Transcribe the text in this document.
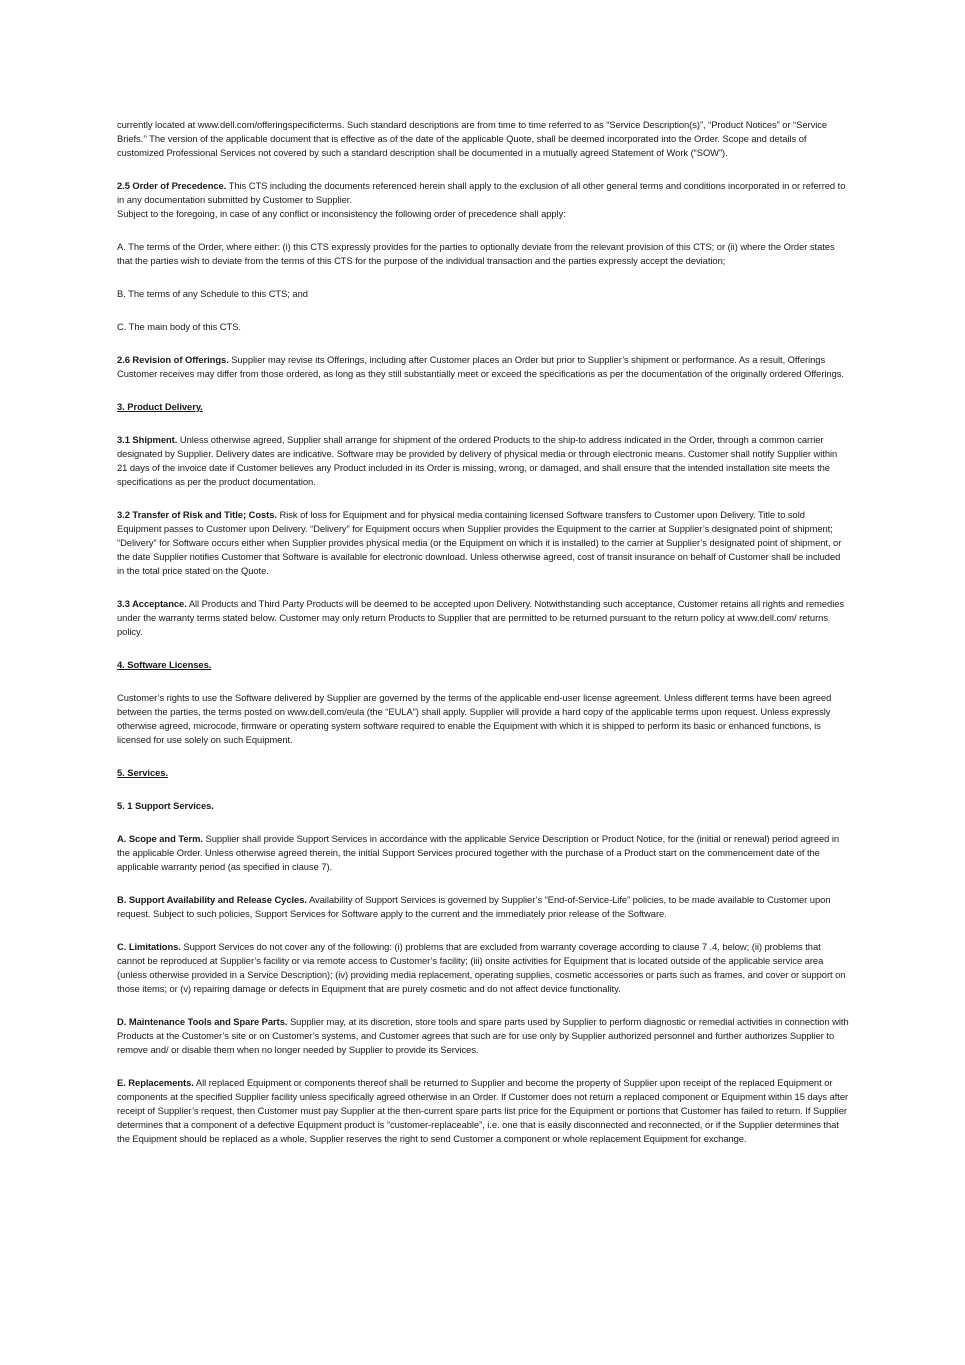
currently located at www.dell.com/offeringspecificterms. Such standard descriptions are from time to time referred to as “Service Description(s)”, “Product Notices” or “Service Briefs.’’ The version of the applicable document that is effective as of the date of the applicable Quote, shall be deemed incorporated into the Order. Scope and details of customized Professional Services not covered by such a standard description shall be documented in a mutually agreed Statement of Work (“SOW”).

2.5 Order of Precedence. This CTS including the documents referenced herein shall apply to the exclusion of all other general terms and conditions incorporated in or referred to in any documentation submitted by Customer to Supplier.
Subject to the foregoing, in case of any conflict or inconsistency the following order of precedence shall apply:

A. The terms of the Order, where either: (i) this CTS expressly provides for the parties to optionally deviate from the relevant provision of this CTS; or (ii) where the Order states that the parties wish to deviate from the terms of this CTS for the purpose of the individual transaction and the parties expressly accept the deviation;

B. The terms of any Schedule to this CTS; and

C. The main body of this CTS.

2.6 Revision of Offerings. Supplier may revise its Offerings, including after Customer places an Order but prior to Supplier’s shipment or performance. As a result, Offerings Customer receives may differ from those ordered, as long as they still substantially meet or exceed the specifications as per the documentation of the originally ordered Offerings.

3. Product Delivery.

3.1 Shipment. Unless otherwise agreed, Supplier shall arrange for shipment of the ordered Products to the ship-to address indicated in the Order, through a common carrier designated by Supplier. Delivery dates are indicative. Software may be provided by delivery of physical media or through electronic means. Customer shall notify Supplier within 21 days of the invoice date if Customer believes any Product included in its Order is missing, wrong, or damaged, and shall ensure that the intended installation site meets the specifications as per the product documentation.

3.2 Transfer of Risk and Title; Costs. Risk of loss for Equipment and for physical media containing licensed Software transfers to Customer upon Delivery. Title to sold Equipment passes to Customer upon Delivery. “Delivery” for Equipment occurs when Supplier provides the Equipment to the carrier at Supplier’s designated point of shipment; “Delivery” for Software occurs either when Supplier provides physical media (or the Equipment on which it is installed) to the carrier at Supplier’s designated point of shipment, or the date Supplier notifies Customer that Software is available for electronic download. Unless otherwise agreed, cost of transit insurance on behalf of Customer shall be included in the total price stated on the Quote.

3.3 Acceptance. All Products and Third Party Products will be deemed to be accepted upon Delivery. Notwithstanding such acceptance, Customer retains all rights and remedies under the warranty terms stated below. Customer may only return Products to Supplier that are permitted to be returned pursuant to the return policy at www.dell.com/ returns policy.

4. Software Licenses.

Customer’s rights to use the Software delivered by Supplier are governed by the terms of the applicable end-user license agreement. Unless different terms have been agreed between the parties, the terms posted on www.dell.com/eula (the “EULA”) shall apply. Supplier will provide a hard copy of the applicable terms upon request. Unless expressly otherwise agreed, microcode, firmware or operating system software required to enable the Equipment with which it is shipped to perform its basic or enhanced functions, is licensed for use solely on such Equipment.

5. Services.

5. 1 Support Services.

A. Scope and Term. Supplier shall provide Support Services in accordance with the applicable Service Description or Product Notice, for the (initial or renewal) period agreed in the applicable Order. Unless otherwise agreed therein, the initial Support Services procured together with the purchase of a Product start on the commencement date of the applicable warranty period (as specified in clause 7).

B. Support Availability and Release Cycles. Availability of Support Services is governed by Supplier’s “End-of-Service-Life” policies, to be made available to Customer upon request. Subject to such policies, Support Services for Software apply to the current and the immediately prior release of the Software.

C. Limitations. Support Services do not cover any of the following: (i) problems that are excluded from warranty coverage according to clause 7 .4, below; (ii) problems that cannot be reproduced at Supplier’s facility or via remote access to Customer’s facility; (iii) onsite activities for Equipment that is located outside of the applicable service area (unless otherwise provided in a Service Description); (iv) providing media replacement, operating supplies, cosmetic accessories or parts such as frames, and cover or support on those items; or (v) repairing damage or defects in Equipment that are purely cosmetic and do not affect device functionality.

D. Maintenance Tools and Spare Parts. Supplier may, at its discretion, store tools and spare parts used by Supplier to perform diagnostic or remedial activities in connection with Products at the Customer’s site or on Customer’s systems, and Customer agrees that such are for use only by Supplier authorized personnel and further authorizes Supplier to remove and/ or disable them when no longer needed by Supplier to provide its Services.

E. Replacements. All replaced Equipment or components thereof shall be returned to Supplier and become the property of Supplier upon receipt of the replaced Equipment or components at the specified Supplier facility unless specifically agreed otherwise in an Order. If Customer does not return a replaced component or Equipment within 15 days after receipt of Supplier’s request, then Customer must pay Supplier at the then-current spare parts list price for the Equipment or portions that Customer has failed to return. If Supplier determines that a component of a defective Equipment product is “customer-replaceable”, i.e. one that is easily disconnected and reconnected, or if the Supplier determines that the Equipment should be replaced as a whole, Supplier reserves the right to send Customer a component or whole replacement Equipment for exchange.
